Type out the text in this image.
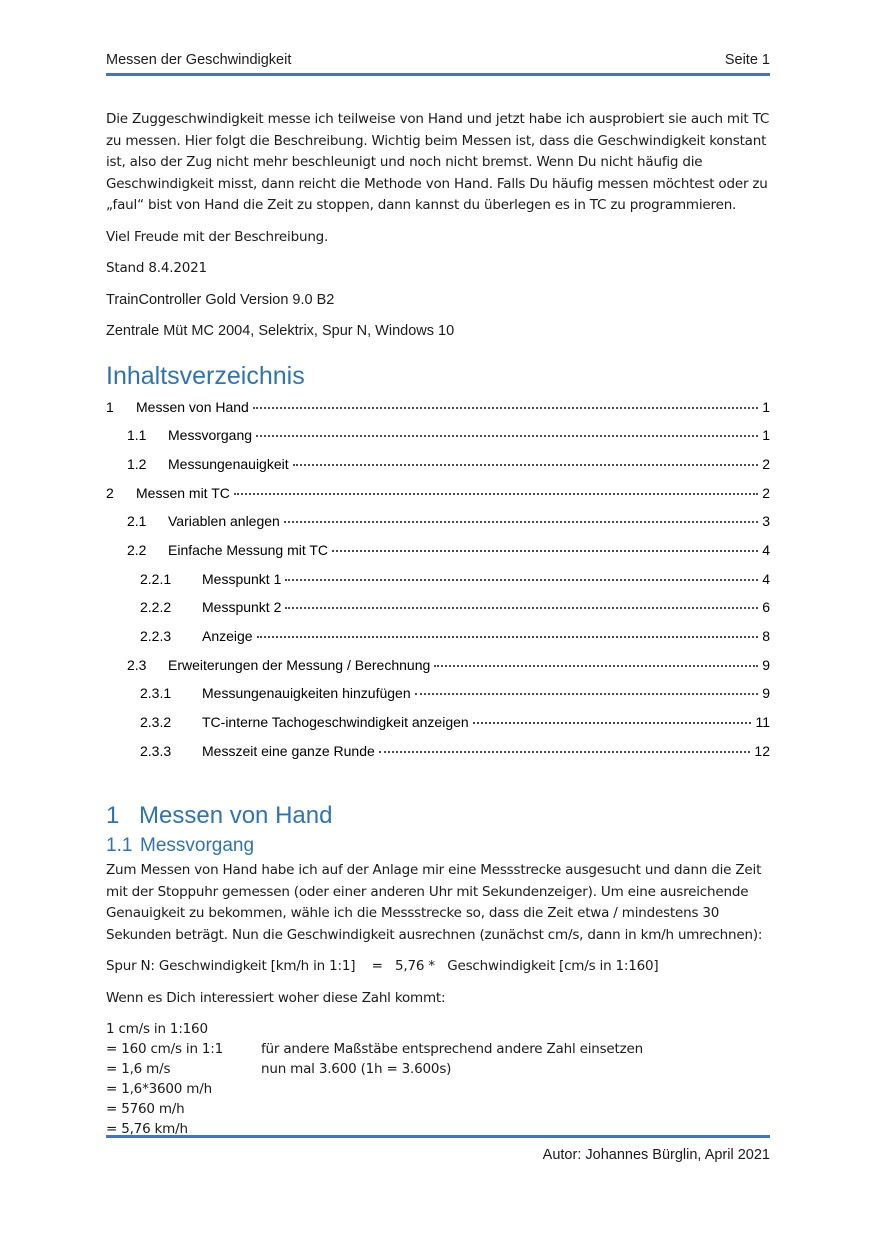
Messen der Geschwindigkeit	Seite 1

Die Zuggeschwindigkeit messe ich teilweise von Hand und jetzt habe ich ausprobiert sie auch mit TC zu messen. Hier folgt die Beschreibung. Wichtig beim Messen ist, dass die Geschwindigkeit konstant ist, also der Zug nicht mehr beschleunigt und noch nicht bremst. Wenn Du nicht häufig die Geschwindigkeit misst, dann reicht die Methode von Hand. Falls Du häufig messen möchtest oder zu „faul“ bist von Hand die Zeit zu stoppen, dann kannst du überlegen es in TC zu programmieren.

Viel Freude mit der Beschreibung.

Stand 8.4.2021

TrainController Gold Version 9.0 B2

Zentrale Müt MC 2004, Selektrix, Spur N, Windows 10

Inhaltsverzeichnis
1	Messen von Hand	1
1.1	Messvorgang	1
1.2	Messungenauigkeit	2
2	Messen mit TC	2
2.1	Variablen anlegen	3
2.2	Einfache Messung mit TC	4
2.2.1	Messpunkt 1	4
2.2.2	Messpunkt 2	6
2.2.3	Anzeige	8
2.3	Erweiterungen der Messung / Berechnung	9
2.3.1	Messungenauigkeiten hinzufügen	9
2.3.2	TC-interne Tachogeschwindigkeit anzeigen	11
2.3.3	Messzeit eine ganze Runde	12
1 Messen von Hand
1.1 Messvorgang

Zum Messen von Hand habe ich auf der Anlage mir eine Messstrecke ausgesucht und dann die Zeit mit der Stoppuhr gemessen (oder einer anderen Uhr mit Sekundenzeiger). Um eine ausreichende Genauigkeit zu bekommen, wähle ich die Messstrecke so, dass die Zeit etwa / mindestens 30 Sekunden beträgt. Nun die Geschwindigkeit ausrechnen (zunächst cm/s, dann in km/h umrechnen):

Spur N: Geschwindigkeit [km/h in 1:1]    =   5,76 *   Geschwindigkeit [cm/s in 1:160]

Wenn es Dich interessiert woher diese Zahl kommt:

1 cm/s in 1:160
= 160 cm/s in 1:1	für andere Maßstäbe entsprechend andere Zahl einsetzen
= 1,6 m/s	nun mal 3.600 (1h = 3.600s)
= 1,6*3600 m/h
= 5760 m/h
= 5,76 km/h
Autor: Johannes Bürglin, April 2021
